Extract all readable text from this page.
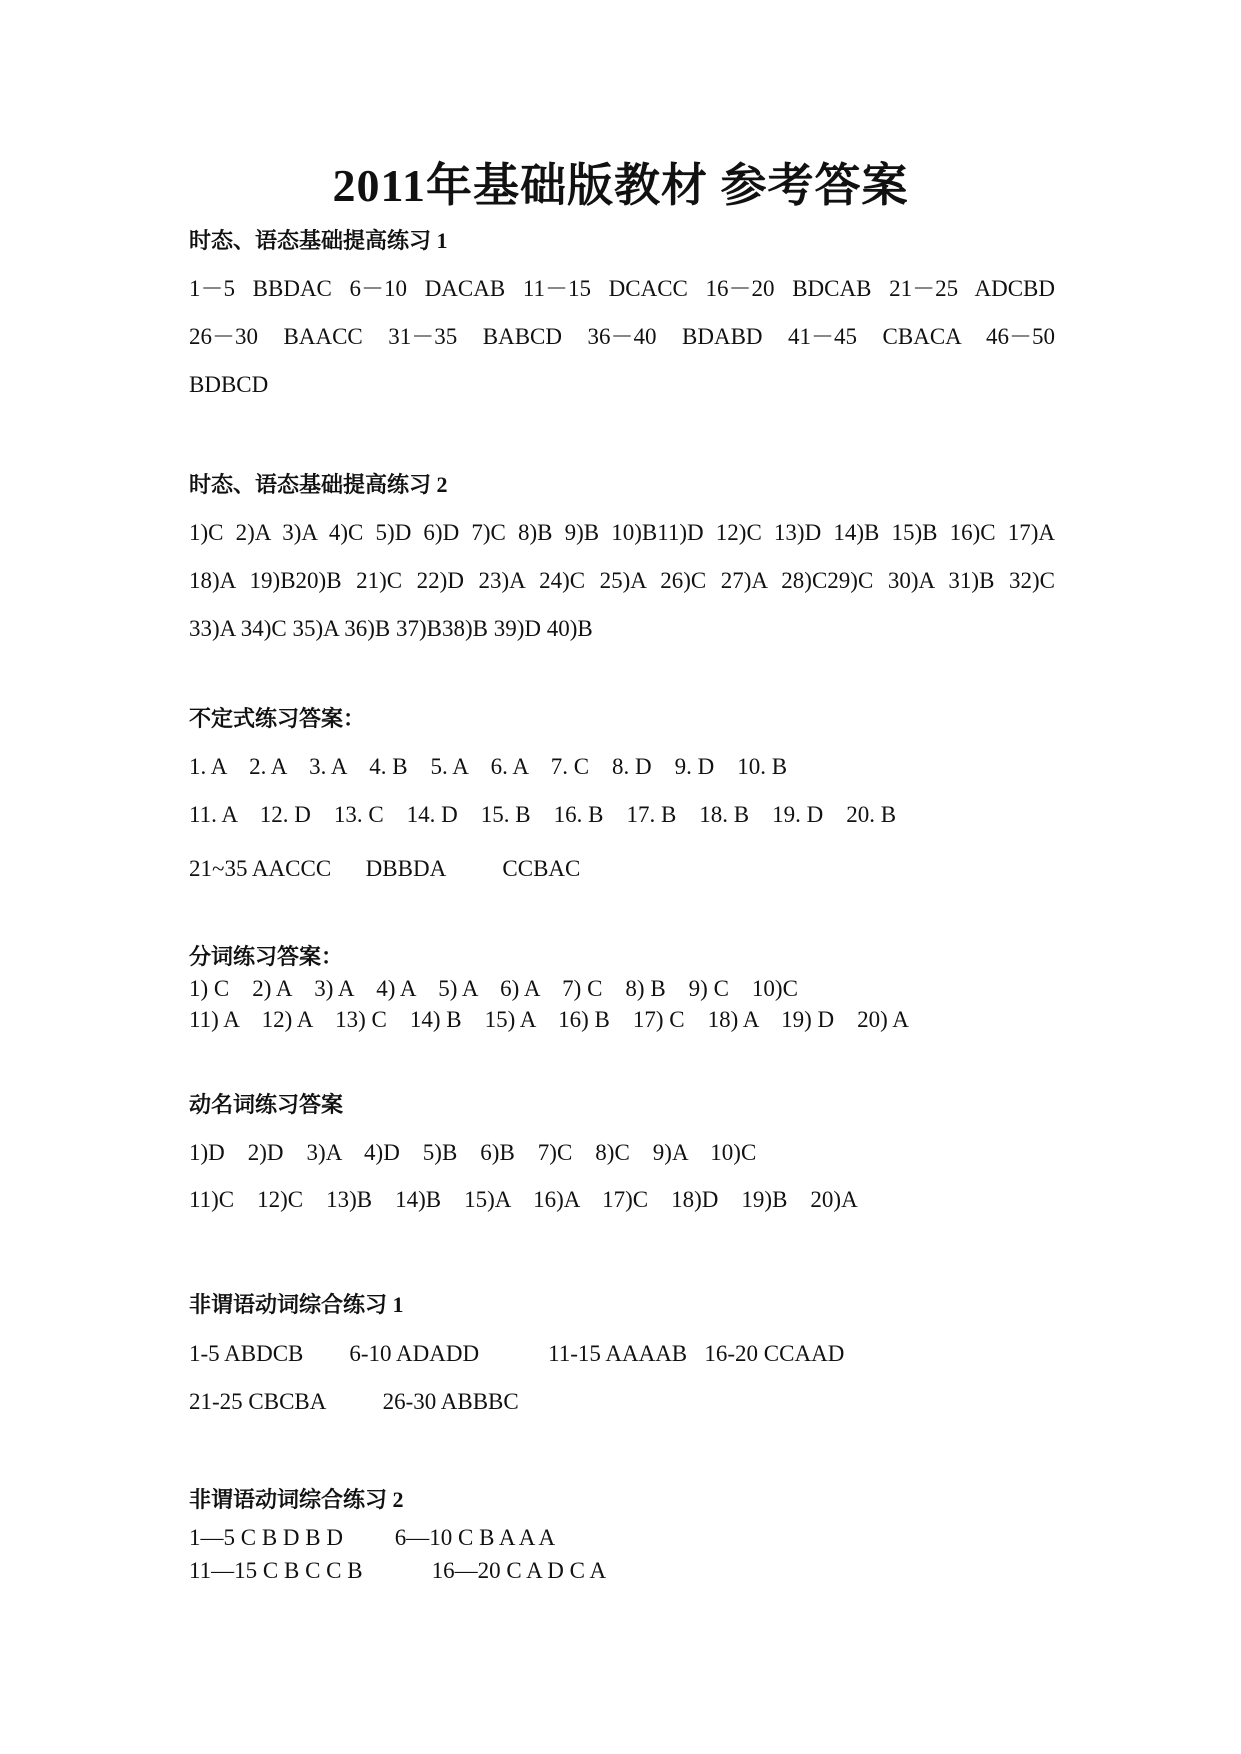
2011年基础版教材 参考答案
时态、语态基础提高练习 1
1－5 BBDAC 6－10 DACAB 11－15 DCACC 16－20 BDCAB 21－25 ADCBD
26－30 BAACC 31－35 BABCD 36－40 BDABD 41－45 CBACA 46－50
BDBCD
时态、语态基础提高练习 2
1)C 2)A 3)A 4)C 5)D 6)D 7)C 8)B 9)B 10)B11)D 12)C 13)D 14)B 15)B 16)C 17)A
18)A 19)B20)B 21)C 22)D 23)A 24)C 25)A 26)C 27)A 28)C29)C 30)A 31)B 32)C
33)A 34)C 35)A 36)B 37)B38)B 39)D 40)B
不定式练习答案：
1. A    2. A    3. A    4. B    5. A    6. A    7. C    8. D    9. D    10. B
11. A    12. D    13. C    14. D    15. B    16. B    17. B    18. B    19. D    20. B
21~35 AACCC      DBBDA          CCBAC
分词练习答案：
1) C    2) A    3) A    4) A    5) A    6) A    7) C    8) B    9) C    10)C
11) A    12) A    13) C    14) B    15) A    16) B    17) C    18) A    19) D    20) A
动名词练习答案
1)D    2)D    3)A    4)D    5)B    6)B    7)C    8)C    9)A    10)C
11)C    12)C    13)B    14)B    15)A    16)A    17)C    18)D    19)B    20)A
非谓语动词综合练习 1
1-5 ABDCB        6-10 ADADD            11-15 AAAAB   16-20 CCAAD
21-25 CBCBA          26-30 ABBBC
非谓语动词综合练习 2
1—5 C B D B D         6—10 C B A A A
11—15 C B C C B            16—20 C A D C A
